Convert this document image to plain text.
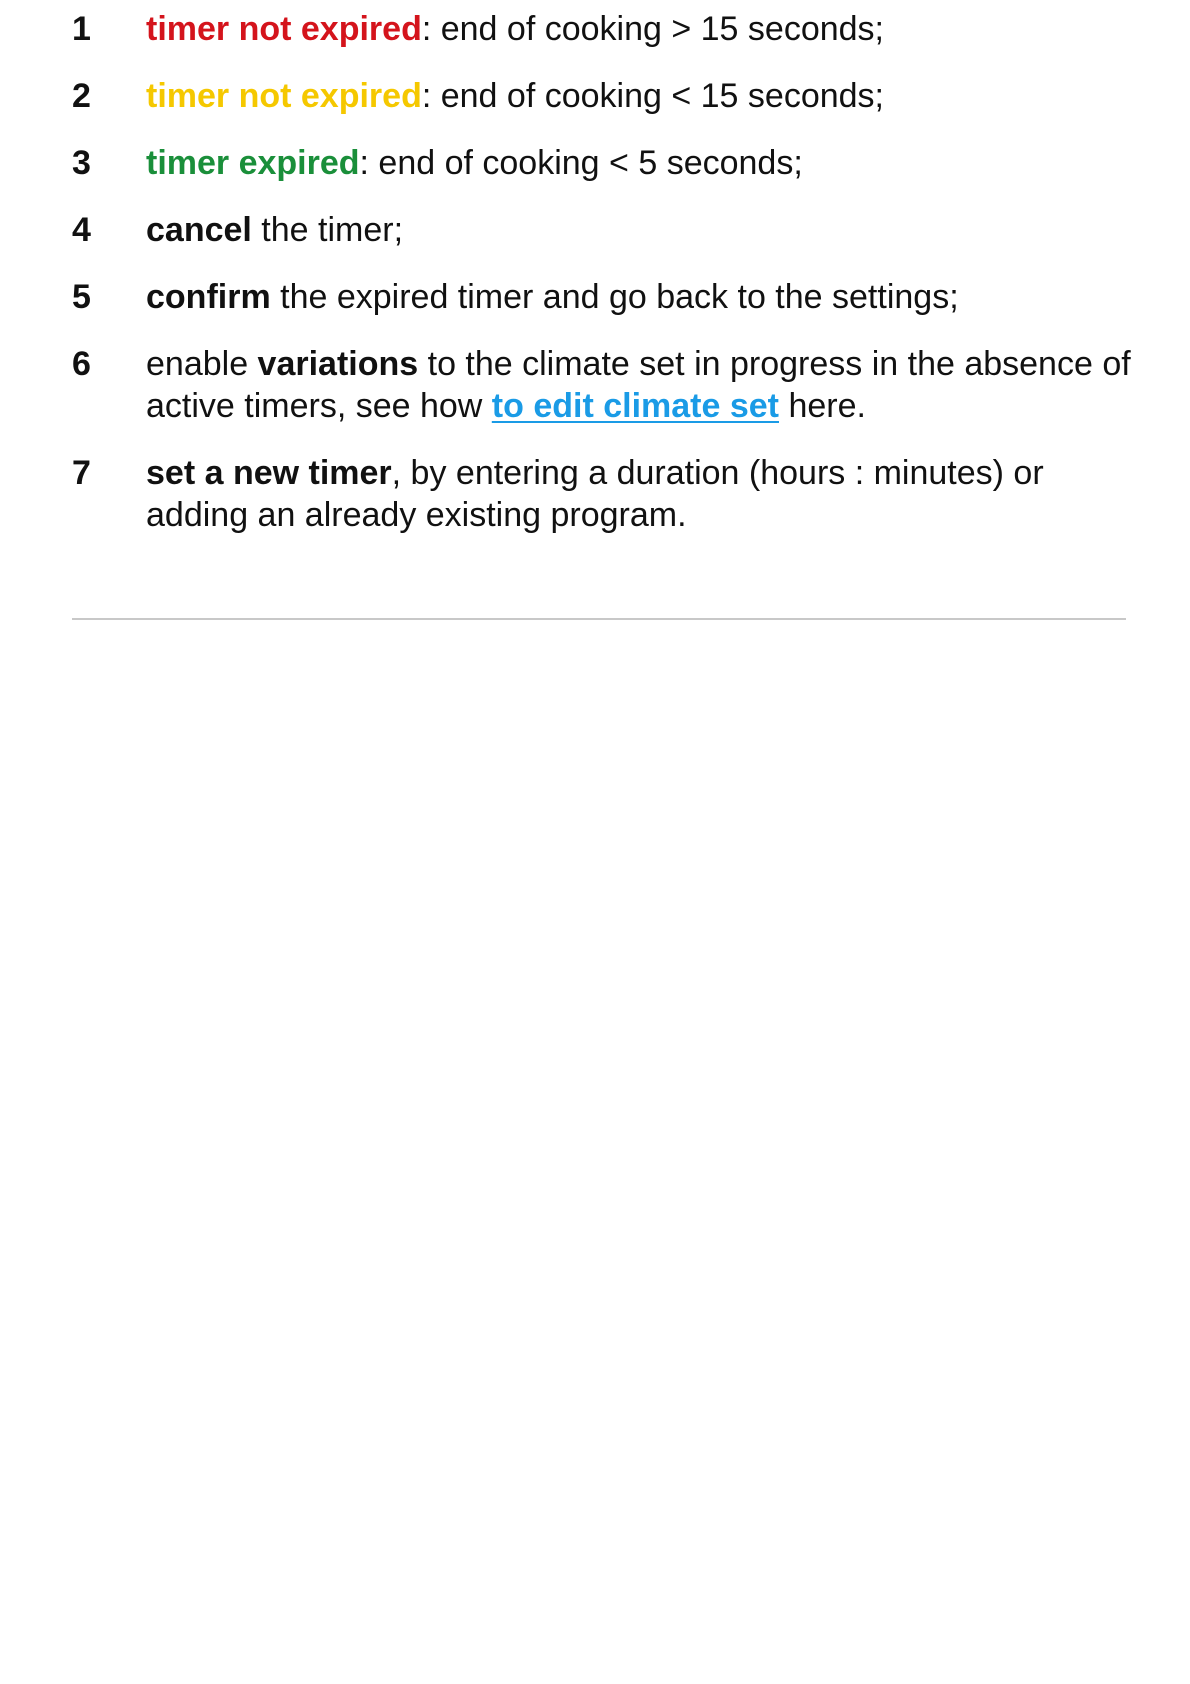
1	timer not expired: end of cooking > 15 seconds;
2	timer not expired: end of cooking < 15 seconds;
3	timer expired: end of cooking < 5 seconds;
4	cancel the timer;
5	confirm the expired timer and go back to the settings;
6	enable variations to the climate set in progress in the absence of active timers, see how to edit climate set here.
7	set a new timer, by entering a duration (hours : minutes) or adding an already existing program.
